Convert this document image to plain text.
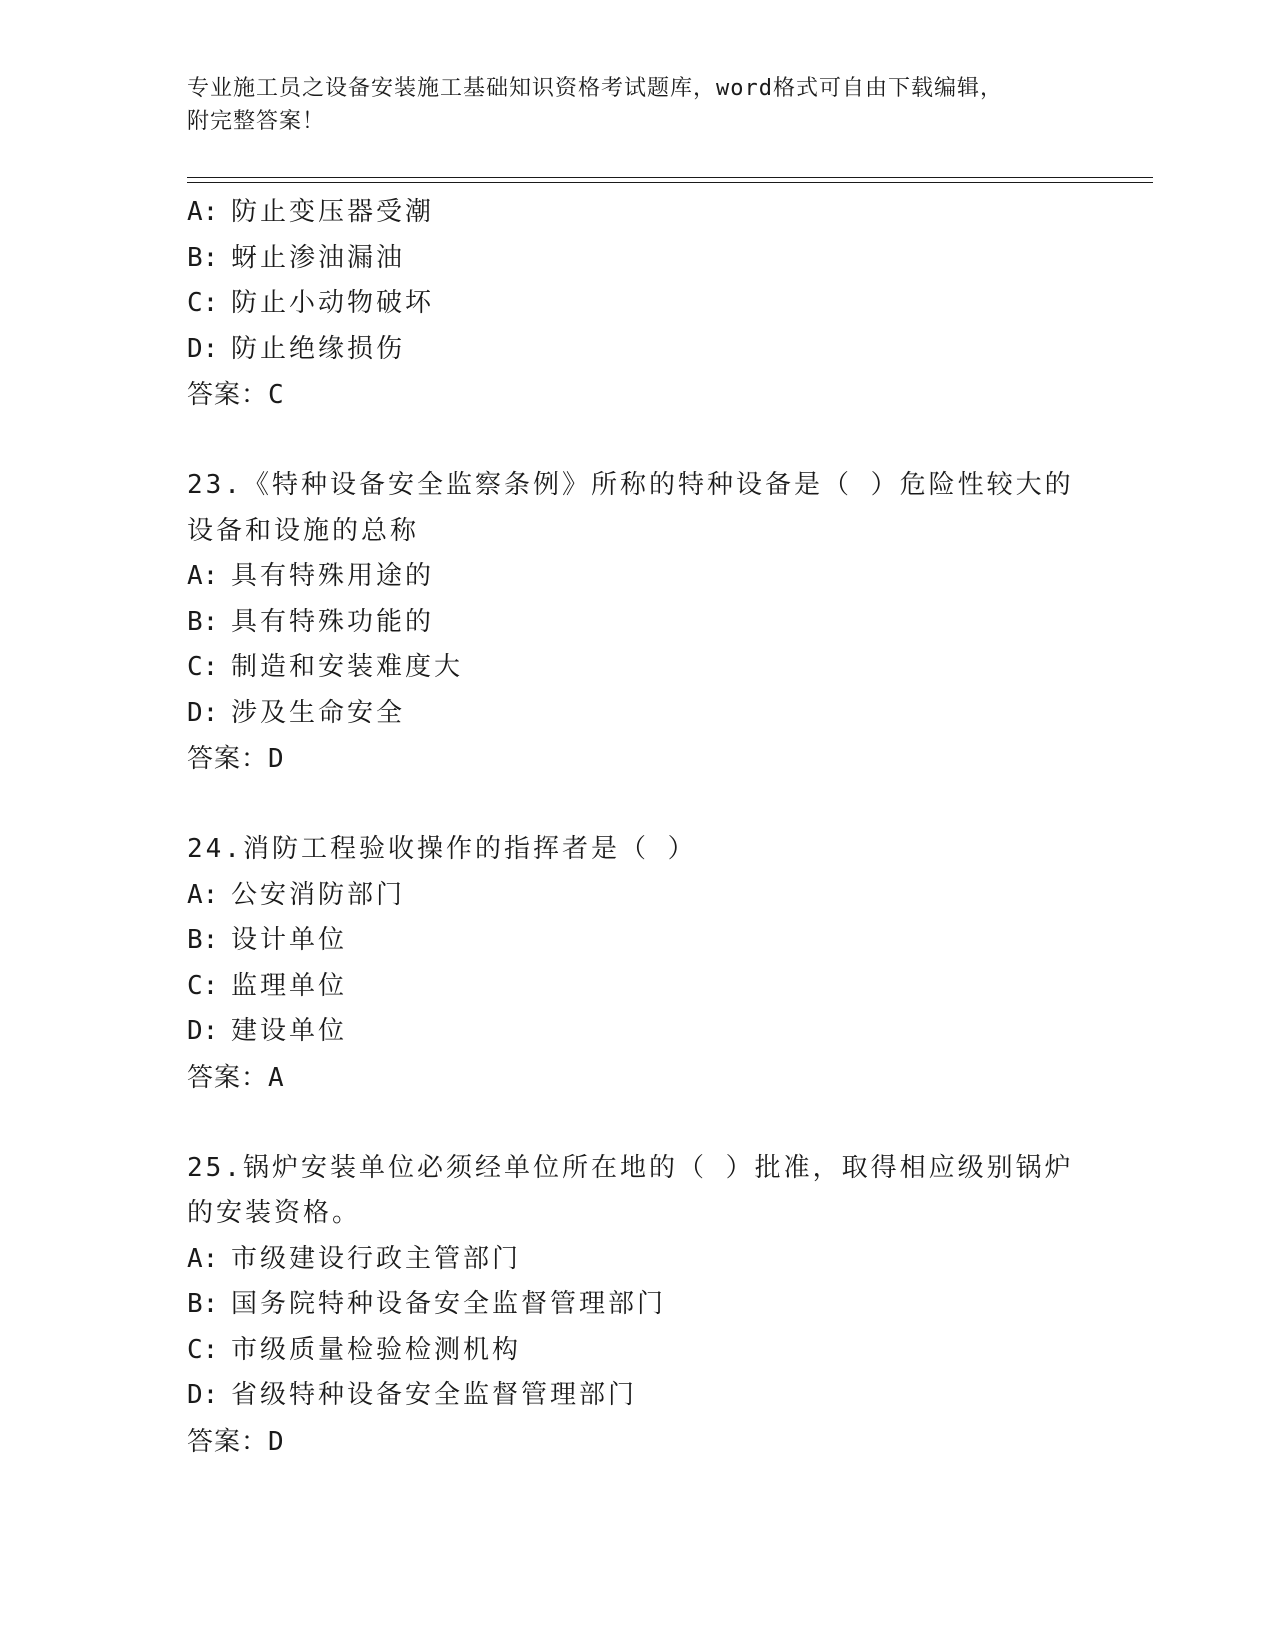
专业施工员之设备安装施工基础知识资格考试题库，word格式可自由下载编辑，
附完整答案！
A: 防止变压器受潮
B: 蚜止渗油漏油
C: 防止小动物破坏
D: 防止绝缘损伤
答案：C
23.《特种设备安全监察条例》所称的特种设备是（ ）危险性较大的
设备和设施的总称
A: 具有特殊用途的
B: 具有特殊功能的
C: 制造和安装难度大
D: 涉及生命安全
答案：D
24.消防工程验收操作的指挥者是（ ）
A: 公安消防部门
B: 设计单位
C: 监理单位
D: 建设单位
答案：A
25.锅炉安装单位必须经单位所在地的（ ）批准，取得相应级别锅炉
的安装资格。
A: 市级建设行政主管部门
B: 国务院特种设备安全监督管理部门
C: 市级质量检验检测机构
D: 省级特种设备安全监督管理部门
答案：D
